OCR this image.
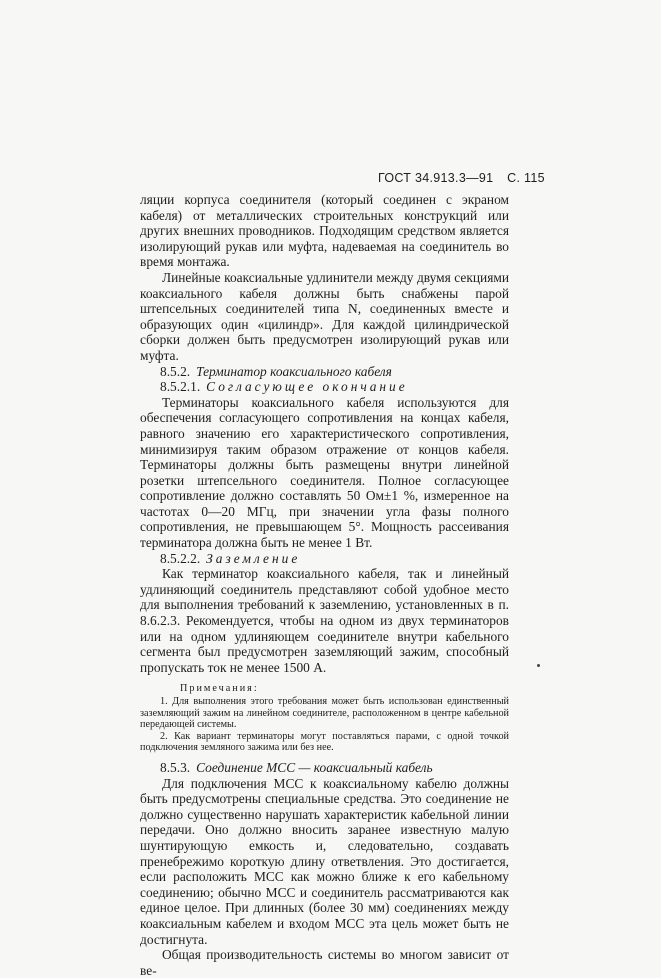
ГОСТ 34.913.3—91 С. 115

ляции корпуса соединителя (который соединен с экраном кабеля) от металлических строительных конструкций или других внешних проводников. Подходящим средством является изолирующий рукав или муфта, надеваемая на соединитель во время монтажа.

Линейные коаксиальные удлинители между двумя секциями коаксиального кабеля должны быть снабжены парой штепсельных соединителей типа N, соединенных вместе и образующих один «цилиндр». Для каждой цилиндрической сборки должен быть предусмотрен изолирующий рукав или муфта.

8.5.2. Терминатор коаксиального кабеля

8.5.2.1. Согласующее окончание

Терминаторы коаксиального кабеля используются для обеспечения согласующего сопротивления на концах кабеля, равного значению его характеристического сопротивления, минимизируя таким образом отражение от концов кабеля. Терминаторы должны быть размещены внутри линейной розетки штепсельного соединителя. Полное согласующее сопротивление должно составлять 50 Ом±1 %, измеренное на частотах 0—20 МГц, при значении угла фазы полного сопротивления, не превышающем 5°. Мощность рассеивания терминатора должна быть не менее 1 Вт.

8.5.2.2. Заземление

Как терминатор коаксиального кабеля, так и линейный удлиняющий соединитель представляют собой удобное место для выполнения требований к заземлению, установленных в п. 8.6.2.3. Рекомендуется, чтобы на одном из двух терминаторов или на одном удлиняющем соединителе внутри кабельного сегмента был предусмотрен заземляющий зажим, способный пропускать ток не менее 1500 А.

Примечания:

1. Для выполнения этого требования может быть использован единственный заземляющий зажим на линейном соединителе, расположенном в центре кабельной передающей системы.

2. Как вариант терминаторы могут поставляться парами, с одной точкой подключения земляного зажима или без нее.

8.5.3. Соединение МСС — коаксиальный кабель

Для подключения МСС к коаксиальному кабелю должны быть предусмотрены специальные средства. Это соединение не должно существенно нарушать характеристик кабельной линии передачи. Оно должно вносить заранее известную малую шунтирующую емкость и, следовательно, создавать пренебрежимо короткую длину ответвления. Это достигается, если расположить МСС как можно ближе к его кабельному соединению; обычно МСС и соединитель рассматриваются как единое целое. При длинных (более 30 мм) соединениях между коаксиальным кабелем и входом МСС эта цель может быть не достигнута.

Общая производительность системы во многом зависит от ве-
